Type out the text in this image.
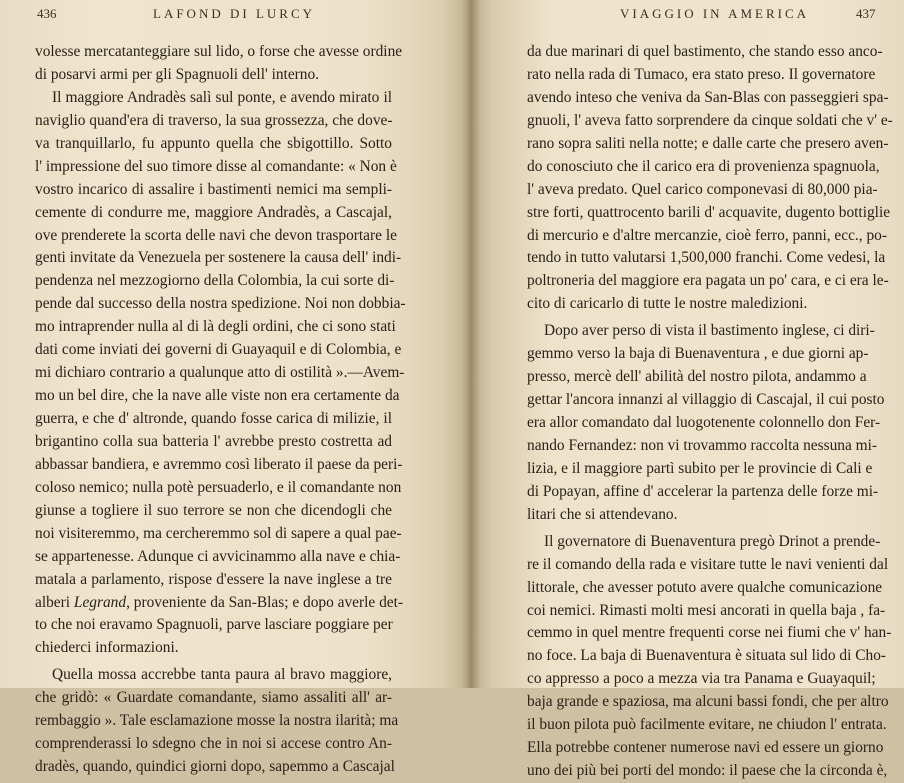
436	LAFOND DI LURCY
volesse mercatanteggiare sul lido, o forse che avesse ordine
di posarvi armi per gli Spagnuoli dell' interno.
Il maggiore Andradès salì sul ponte, e avendo mirato il
naviglio quand'era di traverso, la sua grossezza, che dove-
va tranquillarlo, fu appunto quella che sbigottillo. Sotto
l' impressione del suo timore disse al comandante: « Non è
vostro incarico di assalire i bastimenti nemici ma sempli-
cemente di condurre me, maggiore Andradès, a Cascajal,
ove prenderete la scorta delle navi che devon trasportare le
genti invitate da Venezuela per sostenere la causa dell' indi-
pendenza nel mezzogiorno della Colombia, la cui sorte di-
pende dal successo della nostra spedizione. Noi non dobbia-
mo intraprender nulla al di là degli ordini, che ci sono stati
dati come inviati dei governi di Guayaquil e di Colombia, e
mi dichiaro contrario a qualunque atto di ostilità ».—Avem-
mo un bel dire, che la nave alle viste non era certamente da
guerra, e che d' altronde, quando fosse carica di milizie, il
brigantino colla sua batteria l' avrebbe presto costretta ad
abbassar bandiera, e avremmo così liberato il paese da peri-
coloso nemico; nulla potè persuaderlo, e il comandante non
giunse a togliere il suo terrore se non che dicendogli che
noi visiteremmo, ma cercheremmo sol di sapere a qual pae-
se appartenesse. Adunque ci avvicinammo alla nave e chia-
matala a parlamento, rispose d'essere la nave inglese a tre
alberi Legrand, proveniente da San-Blas; e dopo averle det-
to che noi eravamo Spagnuoli, parve lasciare poggiare per
chiederci informazioni.
Quella mossa accrebbe tanta paura al bravo maggiore,
che gridò: « Guardate comandante, siamo assaliti all' ar-
rembaggio ». Tale esclamazione mosse la nostra ilarità; ma
comprenderassi lo sdegno che in noi si accese contro An-
dradès, quando, quindici giorni dopo, sapemmo a Cascajal
VIAGGIO IN AMERICA	437
da due marinari di quel bastimento, che stando esso anco-
rato nella rada di Tumaco, era stato preso. Il governatore
avendo inteso che veniva da San-Blas con passeggieri spa-
gnuoli, l' aveva fatto sorprendere da cinque soldati che v' e-
rano sopra saliti nella notte; e dalle carte che presero aven-
do conosciuto che il carico era di provenienza spagnuola,
l' aveva predato. Quel carico componevasi di 80,000 pia-
stre forti, quattrocento barili d' acquavite, dugento bottiglie
di mercurio e d'altre mercanzie, cioè ferro, panni, ecc., po-
tendo in tutto valutarsi 1,500,000 franchi. Come vedesi, la
poltroneria del maggiore era pagata un po' cara, e ci era le-
cito di caricarlo di tutte le nostre maledizioni.
Dopo aver perso di vista il bastimento inglese, ci diri-
gemmo verso la baja di Buenaventura , e due giorni ap-
presso, mercè dell' abilità del nostro pilota, andammo a
gettar l'ancora innanzi al villaggio di Cascajal, il cui posto
era allor comandato dal luogotenente colonnello don Fer-
nando Fernandez: non vi trovammo raccolta nessuna mi-
lizia, e il maggiore partì subito per le provincie di Cali e
di Popayan, affine d' accelerar la partenza delle forze mi-
litari che si attendevano.
Il governatore di Buenaventura pregò Drinot a prende-
re il comando della rada e visitare tutte le navi venienti dal
littorale, che avesser potuto avere qualche comunicazione
coi nemici. Rimasti molti mesi ancorati in quella baja , fa-
cemmo in quel mentre frequenti corse nei fiumi che v' han-
no foce. La baja di Buenaventura è situata sul lido di Cho-
co appresso a poco a mezza via tra Panama e Guayaquil;
baja grande e spaziosa, ma alcuni bassi fondi, che per altro
il buon pilota può facilmente evitare, ne chiudon l' entrata.
Ella potrebbe contener numerose navi ed essere un giorno
uno dei più bei porti del mondo: il paese che la circonda è,
